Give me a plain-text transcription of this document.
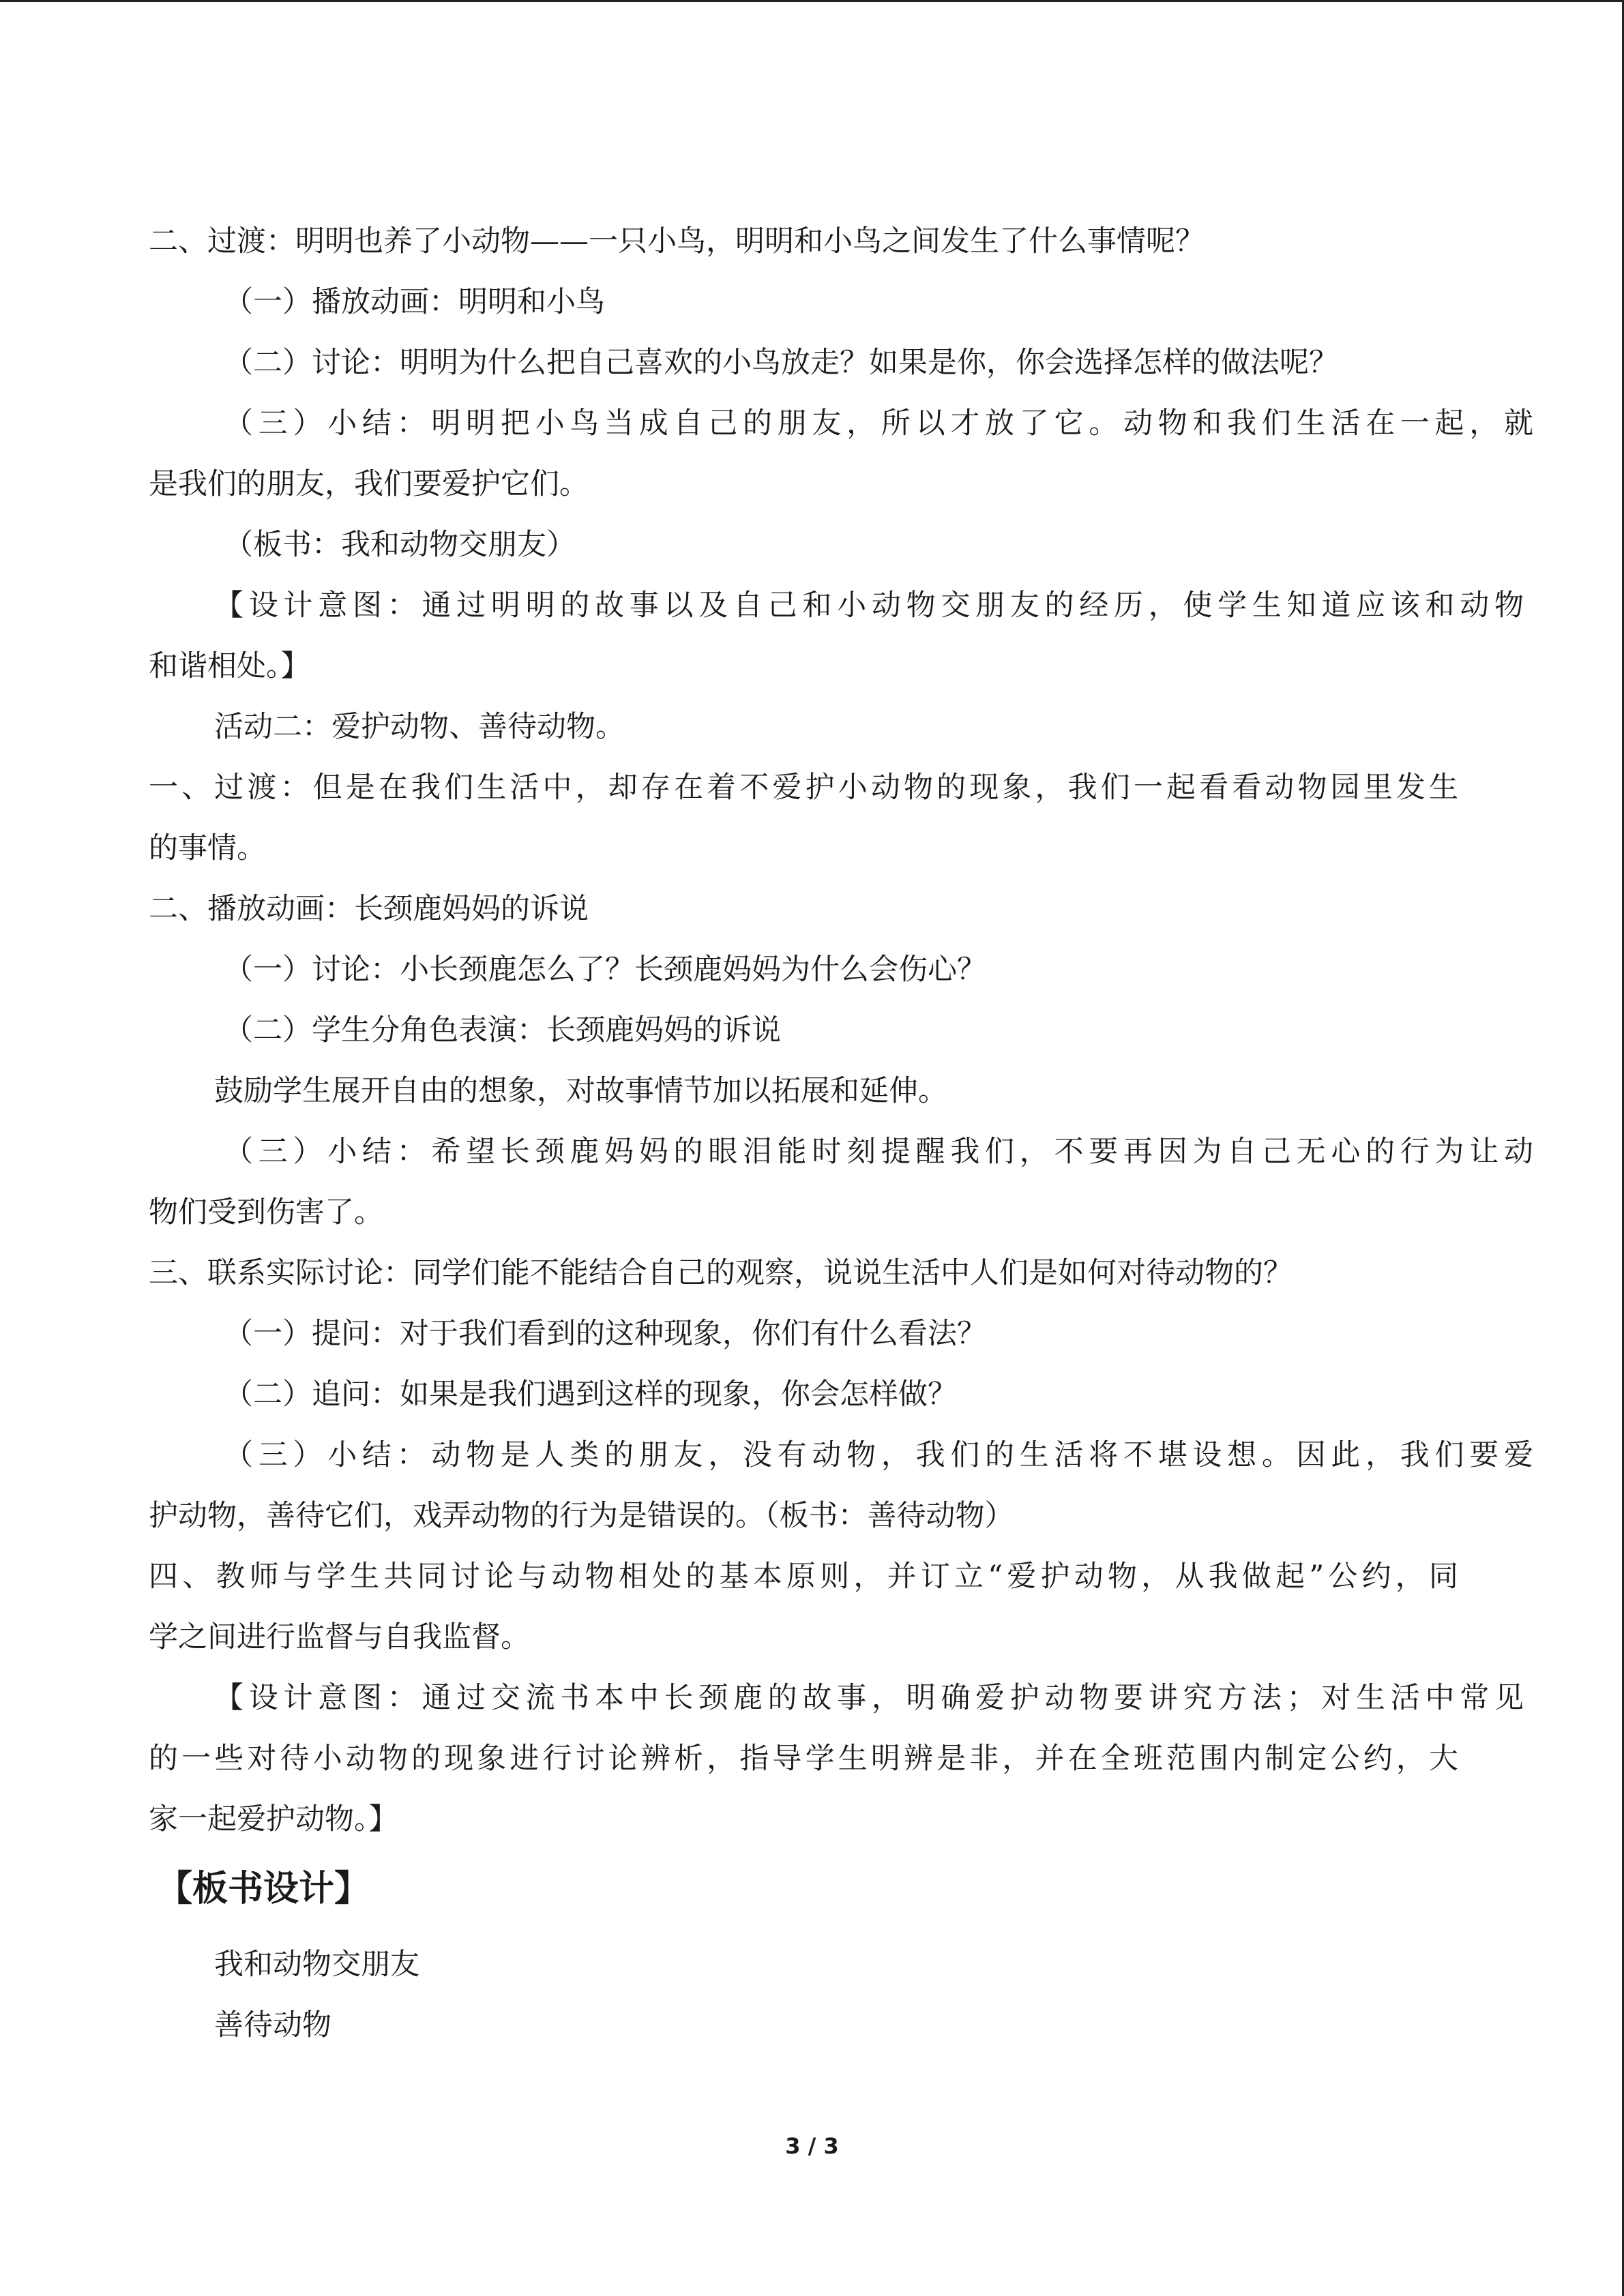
二、过渡：明明也养了小动物——一只小鸟，明明和小鸟之间发生了什么事情呢？
（一）播放动画：明明和小鸟
（二）讨论：明明为什么把自己喜欢的小鸟放走？如果是你，你会选择怎样的做法呢？
（三）小结：明明把小鸟当成自己的朋友，所以才放了它。动物和我们生活在一起，就
是我们的朋友，我们要爱护它们。
（板书：我和动物交朋友）
【设计意图：通过明明的故事以及自己和小动物交朋友的经历，使学生知道应该和动物
和谐相处。】
活动二：爱护动物、善待动物。
一、过渡：但是在我们生活中，却存在着不爱护小动物的现象，我们一起看看动物园里发生
的事情。
二、播放动画：长颈鹿妈妈的诉说
（一）讨论：小长颈鹿怎么了？长颈鹿妈妈为什么会伤心？
（二）学生分角色表演：长颈鹿妈妈的诉说
鼓励学生展开自由的想象，对故事情节加以拓展和延伸。
（三）小结：希望长颈鹿妈妈的眼泪能时刻提醒我们，不要再因为自己无心的行为让动
物们受到伤害了。
三、联系实际讨论：同学们能不能结合自己的观察，说说生活中人们是如何对待动物的？
（一）提问：对于我们看到的这种现象，你们有什么看法？
（二）追问：如果是我们遇到这样的现象，你会怎样做？
（三）小结：动物是人类的朋友，没有动物，我们的生活将不堪设想。因此，我们要爱
护动物，善待它们，戏弄动物的行为是错误的。（板书：善待动物）
四、教师与学生共同讨论与动物相处的基本原则，并订立“爱护动物，从我做起”公约，同
学之间进行监督与自我监督。
【设计意图：通过交流书本中长颈鹿的故事，明确爱护动物要讲究方法；对生活中常见
的一些对待小动物的现象进行讨论辨析，指导学生明辨是非，并在全班范围内制定公约，大
家一起爱护动物。】
【板书设计】
我和动物交朋友
善待动物
3 / 3
